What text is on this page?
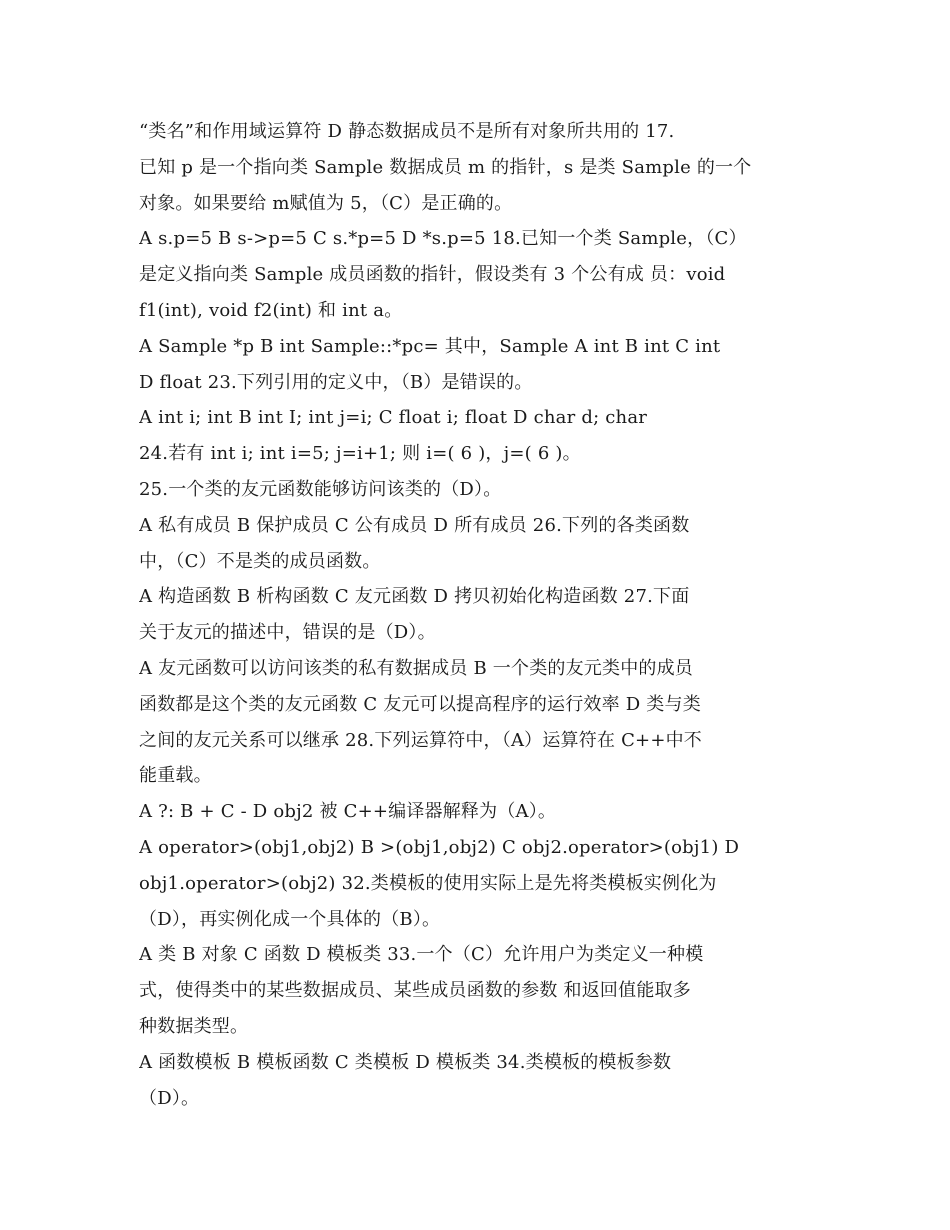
“类名”和作用域运算符 D 静态数据成员不是所有对象所共用的 17.
已知 p 是一个指向类 Sample 数据成员 m 的指针，s 是类 Sample 的一个
对象。如果要给 m赋值为 5，（C）是正确的。
A s.p=5 B s->p=5 C s.*p=5 D *s.p=5 18.已知一个类 Sample，（C）
是定义指向类 Sample 成员函数的指针，假设类有 3 个公有成 员：void
f1(int), void f2(int) 和 int a。
A Sample *p B int Sample::*pc= 其中，Sample A int B int C int
D float 23.下列引用的定义中，（B）是错误的。
A int i; int B int I; int j=i; C float i; float D char d; char
24.若有 int i; int i=5; j=i+1; 则 i=( 6 )，j=( 6 )。
25.一个类的友元函数能够访问该类的（D）。
A 私有成员 B 保护成员 C 公有成员 D 所有成员 26.下列的各类函数
中，（C）不是类的成员函数。
A 构造函数 B 析构函数 C 友元函数 D 拷贝初始化构造函数 27.下面
关于友元的描述中，错误的是（D）。
A 友元函数可以访问该类的私有数据成员 B 一个类的友元类中的成员
函数都是这个类的友元函数 C 友元可以提高程序的运行效率 D 类与类
之间的友元关系可以继承 28.下列运算符中，（A）运算符在 C++中不
能重载。
A ?: B + C - D obj2 被 C++编译器解释为（A）。
A operator>(obj1,obj2) B >(obj1,obj2) C obj2.operator>(obj1) D
obj1.operator>(obj2) 32.类模板的使用实际上是先将类模板实例化为
（D），再实例化成一个具体的（B）。
A 类 B 对象 C 函数 D 模板类 33.一个（C）允许用户为类定义一种模
式，使得类中的某些数据成员、某些成员函数的参数 和返回值能取多
种数据类型。
A 函数模板 B 模板函数 C 类模板 D 模板类 34.类模板的模板参数
（D）。
